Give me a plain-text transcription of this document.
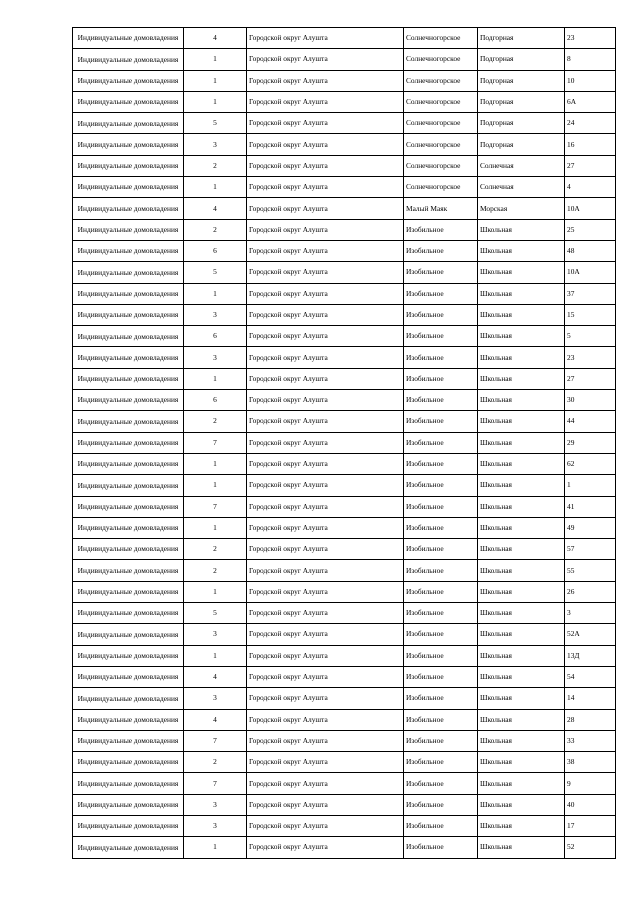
Индивидуальные домовладения	4	Городской округ Алушта	Солнечногорское	Подгорная	23
Индивидуальные домовладения	1	Городской округ Алушта	Солнечногорское	Подгорная	8
Индивидуальные домовладения	1	Городской округ Алушта	Солнечногорское	Подгорная	10
Индивидуальные домовладения	1	Городской округ Алушта	Солнечногорское	Подгорная	6А
Индивидуальные домовладения	5	Городской округ Алушта	Солнечногорское	Подгорная	24
Индивидуальные домовладения	3	Городской округ Алушта	Солнечногорское	Подгорная	16
Индивидуальные домовладения	2	Городской округ Алушта	Солнечногорское	Солнечная	27
Индивидуальные домовладения	1	Городской округ Алушта	Солнечногорское	Солнечная	4
Индивидуальные домовладения	4	Городской округ Алушта	Малый Маяк	Морская	10А
Индивидуальные домовладения	2	Городской округ Алушта	Изобильное	Школьная	25
Индивидуальные домовладения	6	Городской округ Алушта	Изобильное	Школьная	48
Индивидуальные домовладения	5	Городской округ Алушта	Изобильное	Школьная	10А
Индивидуальные домовладения	1	Городской округ Алушта	Изобильное	Школьная	37
Индивидуальные домовладения	3	Городской округ Алушта	Изобильное	Школьная	15
Индивидуальные домовладения	6	Городской округ Алушта	Изобильное	Школьная	5
Индивидуальные домовладения	3	Городской округ Алушта	Изобильное	Школьная	23
Индивидуальные домовладения	1	Городской округ Алушта	Изобильное	Школьная	27
Индивидуальные домовладения	6	Городской округ Алушта	Изобильное	Школьная	30
Индивидуальные домовладения	2	Городской округ Алушта	Изобильное	Школьная	44
Индивидуальные домовладения	7	Городской округ Алушта	Изобильное	Школьная	29
Индивидуальные домовладения	1	Городской округ Алушта	Изобильное	Школьная	62
Индивидуальные домовладения	1	Городской округ Алушта	Изобильное	Школьная	1
Индивидуальные домовладения	7	Городской округ Алушта	Изобильное	Школьная	41
Индивидуальные домовладения	1	Городской округ Алушта	Изобильное	Школьная	49
Индивидуальные домовладения	2	Городской округ Алушта	Изобильное	Школьная	57
Индивидуальные домовладения	2	Городской округ Алушта	Изобильное	Школьная	55
Индивидуальные домовладения	1	Городской округ Алушта	Изобильное	Школьная	26
Индивидуальные домовладения	5	Городской округ Алушта	Изобильное	Школьная	3
Индивидуальные домовладения	3	Городской округ Алушта	Изобильное	Школьная	52А
Индивидуальные домовладения	1	Городской округ Алушта	Изобильное	Школьная	13Д
Индивидуальные домовладения	4	Городской округ Алушта	Изобильное	Школьная	54
Индивидуальные домовладения	3	Городской округ Алушта	Изобильное	Школьная	14
Индивидуальные домовладения	4	Городской округ Алушта	Изобильное	Школьная	28
Индивидуальные домовладения	7	Городской округ Алушта	Изобильное	Школьная	33
Индивидуальные домовладения	2	Городской округ Алушта	Изобильное	Школьная	38
Индивидуальные домовладения	7	Городской округ Алушта	Изобильное	Школьная	9
Индивидуальные домовладения	3	Городской округ Алушта	Изобильное	Школьная	40
Индивидуальные домовладения	3	Городской округ Алушта	Изобильное	Школьная	17
Индивидуальные домовладения	1	Городской округ Алушта	Изобильное	Школьная	52
